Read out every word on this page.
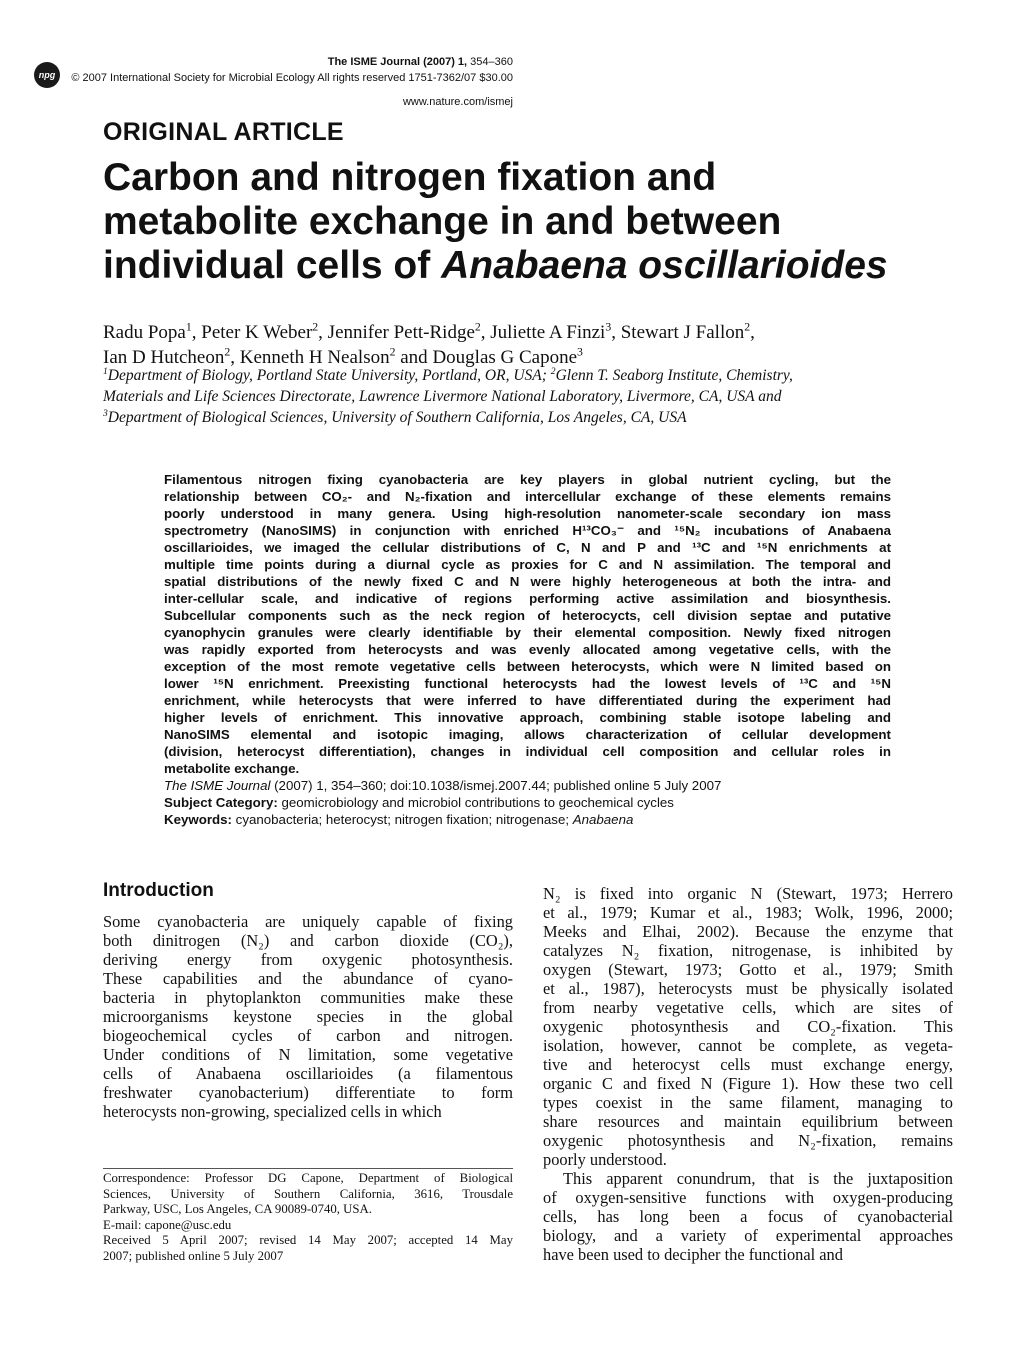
npg
The ISME Journal (2007) 1, 354–360
© 2007 International Society for Microbial Ecology All rights reserved 1751-7362/07 $30.00
www.nature.com/ismej
ORIGINAL ARTICLE
Carbon and nitrogen fixation and
metabolite exchange in and between
individual cells of Anabaena oscillarioides
Radu Popa$^1$, Peter K Weber$^2$, Jennifer Pett-Ridge$^2$, Juliette A Finzi$^3$, Stewart J Fallon$^2$,
Ian D Hutcheon$^2$, Kenneth H Nealson$^2$ and Douglas G Capone$^3$
$^1$Department of Biology, Portland State University, Portland, OR, USA; $^2$Glenn T. Seaborg Institute, Chemistry,
Materials and Life Sciences Directorate, Lawrence Livermore National Laboratory, Livermore, CA, USA and
$^3$Department of Biological Sciences, University of Southern California, Los Angeles, CA, USA
Filamentous nitrogen fixing cyanobacteria are key players in global nutrient cycling, but the
relationship between CO₂- and N₂-fixation and intercellular exchange of these elements remains
poorly understood in many genera. Using high-resolution nanometer-scale secondary ion mass
spectrometry (NanoSIMS) in conjunction with enriched H¹³CO₃⁻ and ¹⁵N₂ incubations of Anabaena
oscillarioides, we imaged the cellular distributions of C, N and P and ¹³C and ¹⁵N enrichments at
multiple time points during a diurnal cycle as proxies for C and N assimilation. The temporal and
spatial distributions of the newly fixed C and N were highly heterogeneous at both the intra- and
inter-cellular scale, and indicative of regions performing active assimilation and biosynthesis.
Subcellular components such as the neck region of heterocycts, cell division septae and putative
cyanophycin granules were clearly identifiable by their elemental composition. Newly fixed nitrogen
was rapidly exported from heterocysts and was evenly allocated among vegetative cells, with the
exception of the most remote vegetative cells between heterocysts, which were N limited based on
lower ¹⁵N enrichment. Preexisting functional heterocysts had the lowest levels of ¹³C and ¹⁵N
enrichment, while heterocysts that were inferred to have differentiated during the experiment had
higher levels of enrichment. This innovative approach, combining stable isotope labeling and
NanoSIMS elemental and isotopic imaging, allows characterization of cellular development
(division, heterocyst differentiation), changes in individual cell composition and cellular roles in
metabolite exchange.
The ISME Journal (2007) 1, 354–360; doi:10.1038/ismej.2007.44; published online 5 July 2007
Subject Category: geomicrobiology and microbiol contributions to geochemical cycles
Keywords: cyanobacteria; heterocyst; nitrogen fixation; nitrogenase; Anabaena
Introduction
Some cyanobacteria are uniquely capable of fixing
both dinitrogen (N₂) and carbon dioxide (CO₂),
deriving energy from oxygenic photosynthesis.
These capabilities and the abundance of cyano-
bacteria in phytoplankton communities make these
microorganisms keystone species in the global
biogeochemical cycles of carbon and nitrogen.
Under conditions of N limitation, some vegetative
cells of Anabaena oscillarioides (a filamentous
freshwater cyanobacterium) differentiate to form
heterocysts non-growing, specialized cells in which
N₂ is fixed into organic N (Stewart, 1973; Herrero
et al., 1979; Kumar et al., 1983; Wolk, 1996, 2000;
Meeks and Elhai, 2002). Because the enzyme that
catalyzes N₂ fixation, nitrogenase, is inhibited by
oxygen (Stewart, 1973; Gotto et al., 1979; Smith
et al., 1987), heterocysts must be physically isolated
from nearby vegetative cells, which are sites of
oxygenic photosynthesis and CO₂-fixation. This
isolation, however, cannot be complete, as vegeta-
tive and heterocyst cells must exchange energy,
organic C and fixed N (Figure 1). How these two cell
types coexist in the same filament, managing to
share resources and maintain equilibrium between
oxygenic photosynthesis and N₂-fixation, remains
poorly understood.
This apparent conundrum, that is the juxtaposition
of oxygen-sensitive functions with oxygen-producing
cells, has long been a focus of cyanobacterial
biology, and a variety of experimental approaches
have been used to decipher the functional and
Correspondence: Professor DG Capone, Department of Biological
Sciences, University of Southern California, 3616, Trousdale
Parkway, USC, Los Angeles, CA 90089-0740, USA.
E-mail: capone@usc.edu
Received 5 April 2007; revised 14 May 2007; accepted 14 May
2007; published online 5 July 2007
